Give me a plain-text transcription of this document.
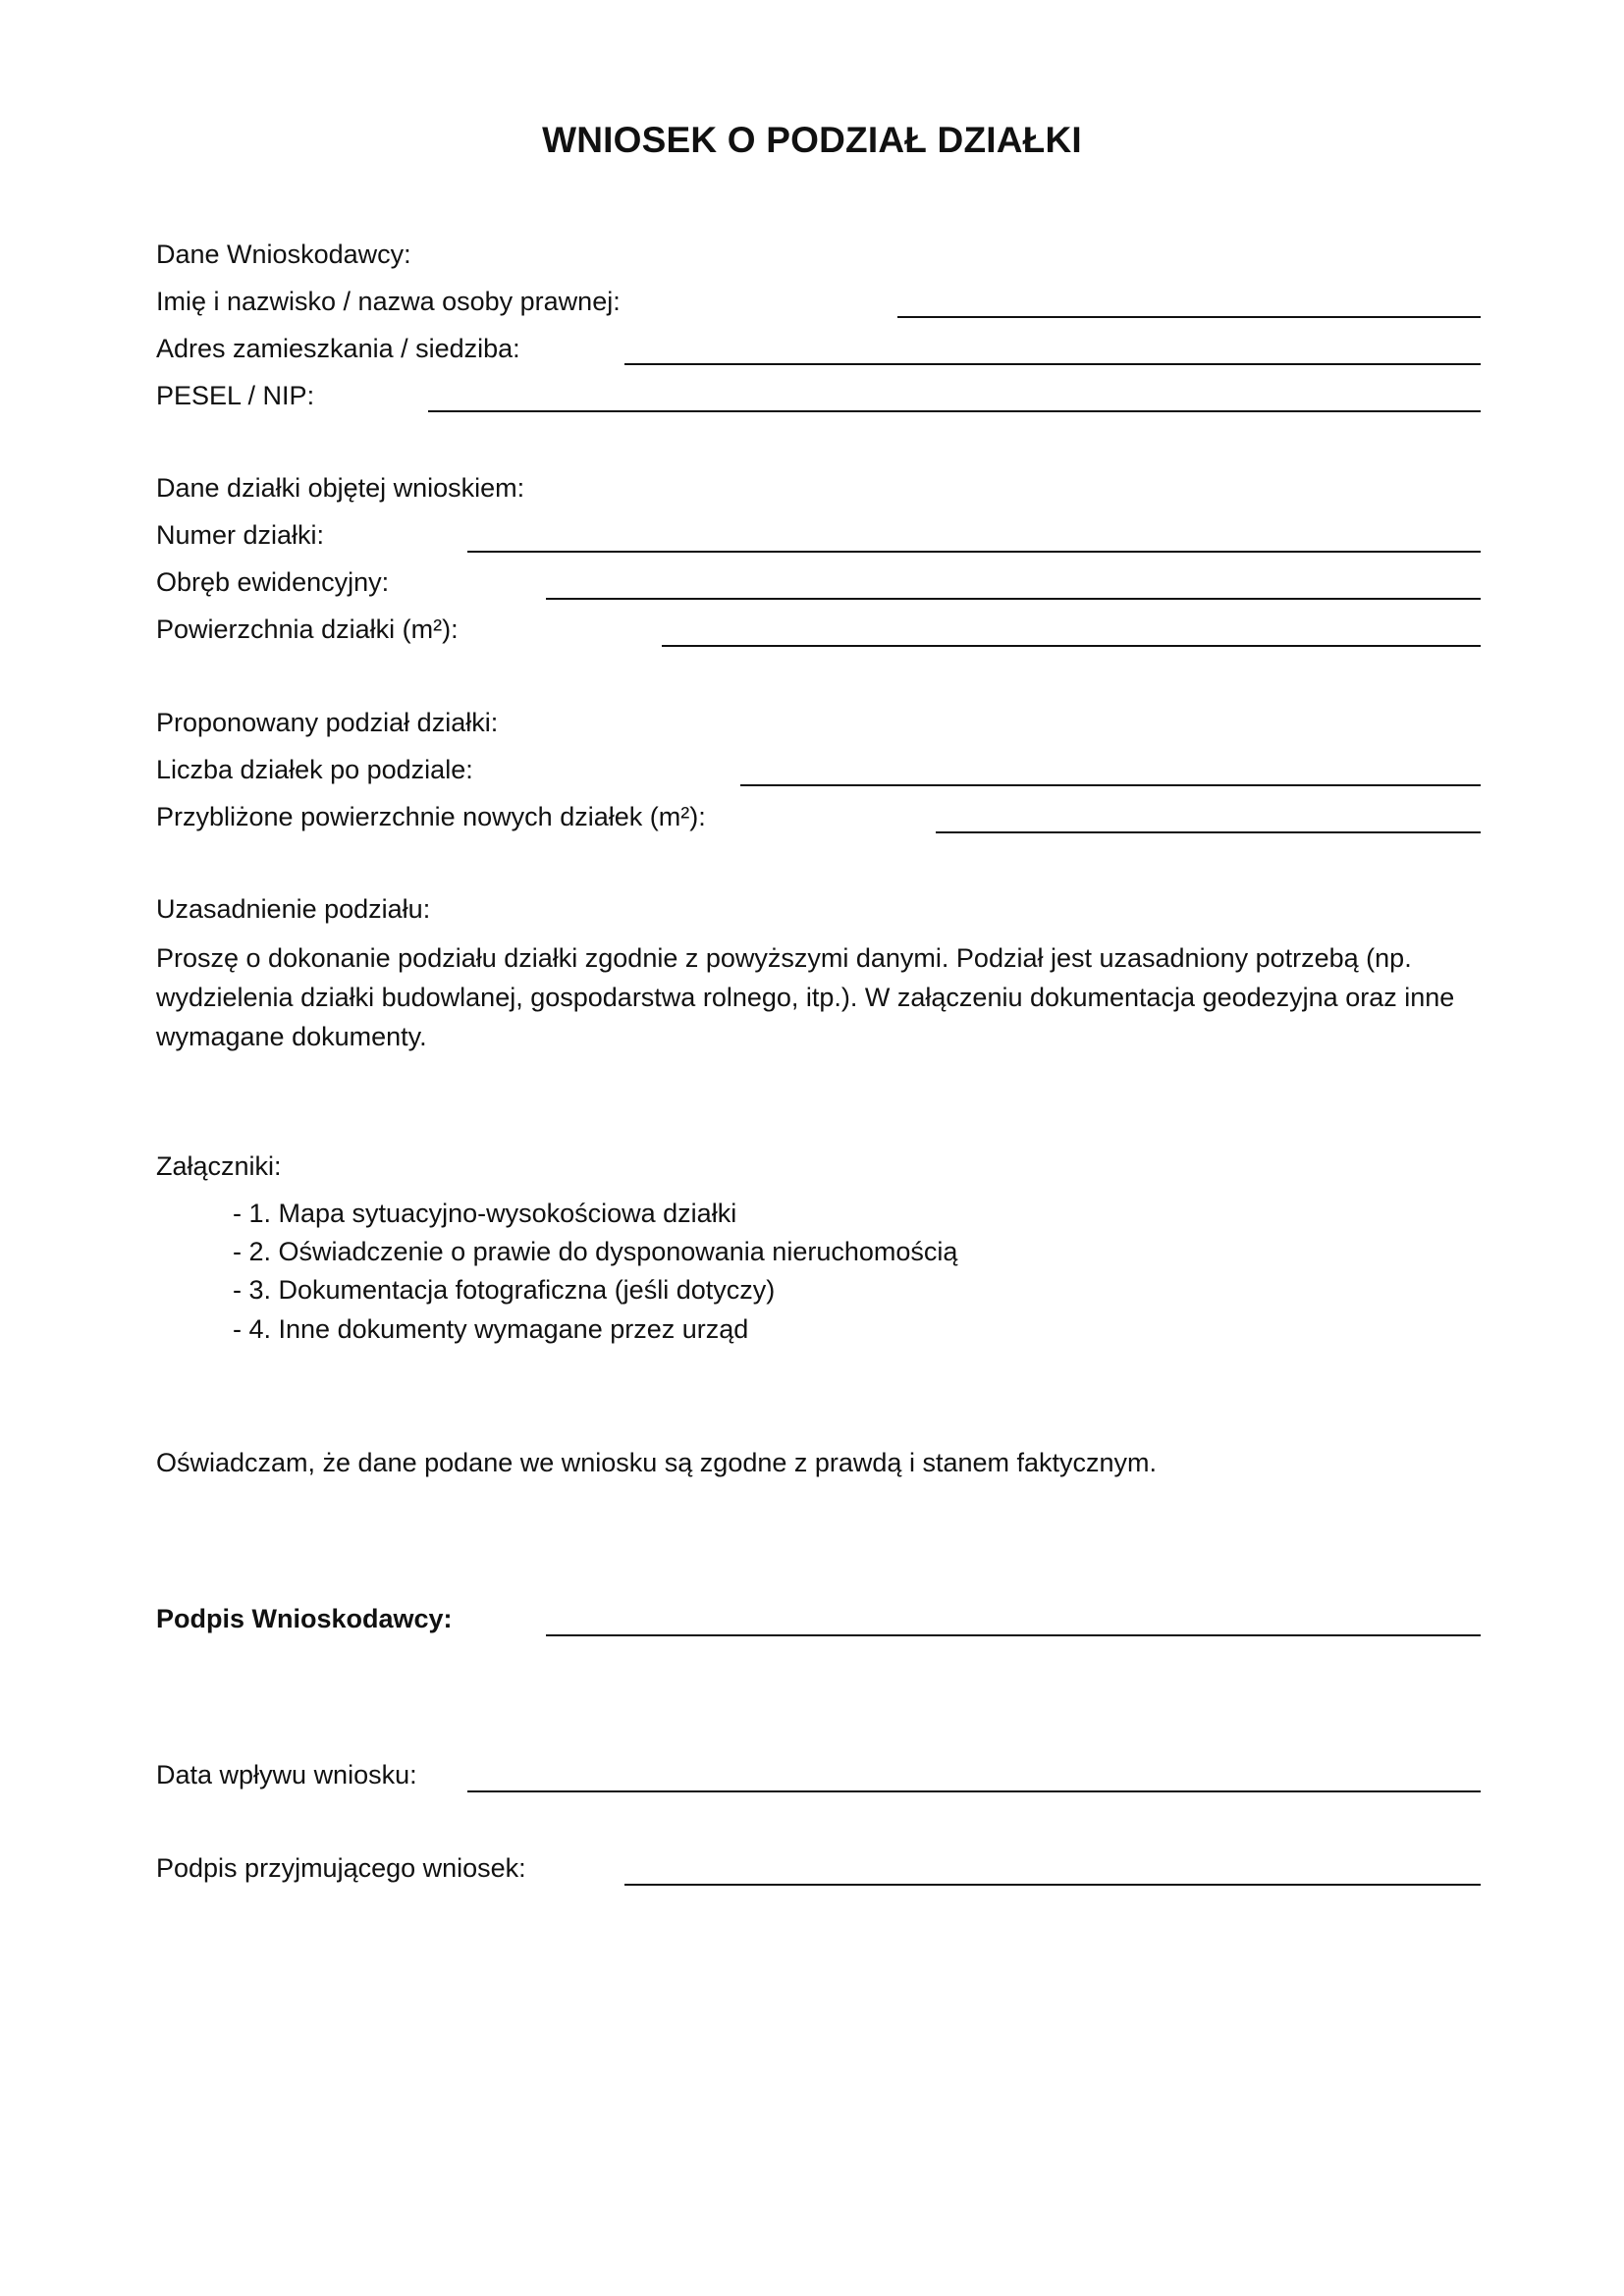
WNIOSEK O PODZIAŁ DZIAŁKI
Dane Wnioskodawcy:
Imię i nazwisko / nazwa osoby prawnej:
Adres zamieszkania / siedziba:
PESEL / NIP:
Dane działki objętej wnioskiem:
Numer działki:
Obręb ewidencyjny:
Powierzchnia działki (m²):
Proponowany podział działki:
Liczba działek po podziale:
Przybliżone powierzchnie nowych działek (m²):
Uzasadnienie podziału:
Proszę o dokonanie podziału działki zgodnie z powyższymi danymi. Podział jest uzasadniony potrzebą (np. wydzielenia działki budowlanej, gospodarstwa rolnego, itp.). W załączeniu dokumentacja geodezyjna oraz inne wymagane dokumenty.
Załączniki:
- 1. Mapa sytuacyjno-wysokościowa działki
- 2. Oświadczenie o prawie do dysponowania nieruchomością
- 3. Dokumentacja fotograficzna (jeśli dotyczy)
- 4. Inne dokumenty wymagane przez urząd
Oświadczam, że dane podane we wniosku są zgodne z prawdą i stanem faktycznym.
Podpis Wnioskodawcy:
Data wpływu wniosku:
Podpis przyjmującego wniosek:
